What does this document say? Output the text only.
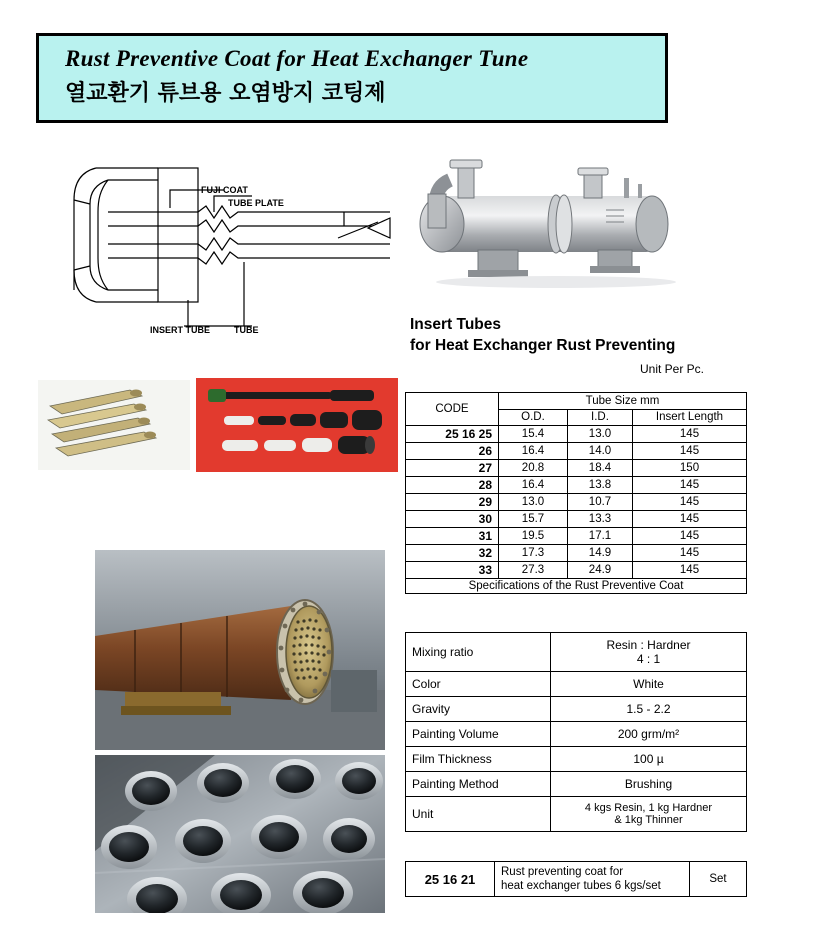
Rust Preventive Coat for Heat Exchanger Tune

열교환기 튜브용 오염방지 코팅제

FUJI COAT
TUBE PLATE
INSERT TUBE	TUBE	Insert Tubes
for Heat Exchanger Rust Preventing
Unit Per Pc.
CODE	Tube Size mm		
	O.D.	I.D.	Insert Length
25 16 25	15.4	13.0	145
26	16.4	14.0	145
27	20.8	18.4	150
28	16.4	13.8	145
29	13.0	10.7	145
30	15.7	13.3	145
31	19.5	17.1	145
32	17.3	14.9	145
33	27.3	24.9	145
Specifications of the Rust Preventive Coat			
Mixing ratio	Resin : Hardner
4 : 1
Color	White
Gravity	1.5 - 2.2
Painting Volume	200 grm/m²
Film Thickness	100 µ
Painting Method	Brushing
Unit	4 kgs Resin, 1 kg Hardner
& 1kg Thinner
25 16 21	Rust preventing coat for
heat exchanger tubes 6 kgs/set	Set
